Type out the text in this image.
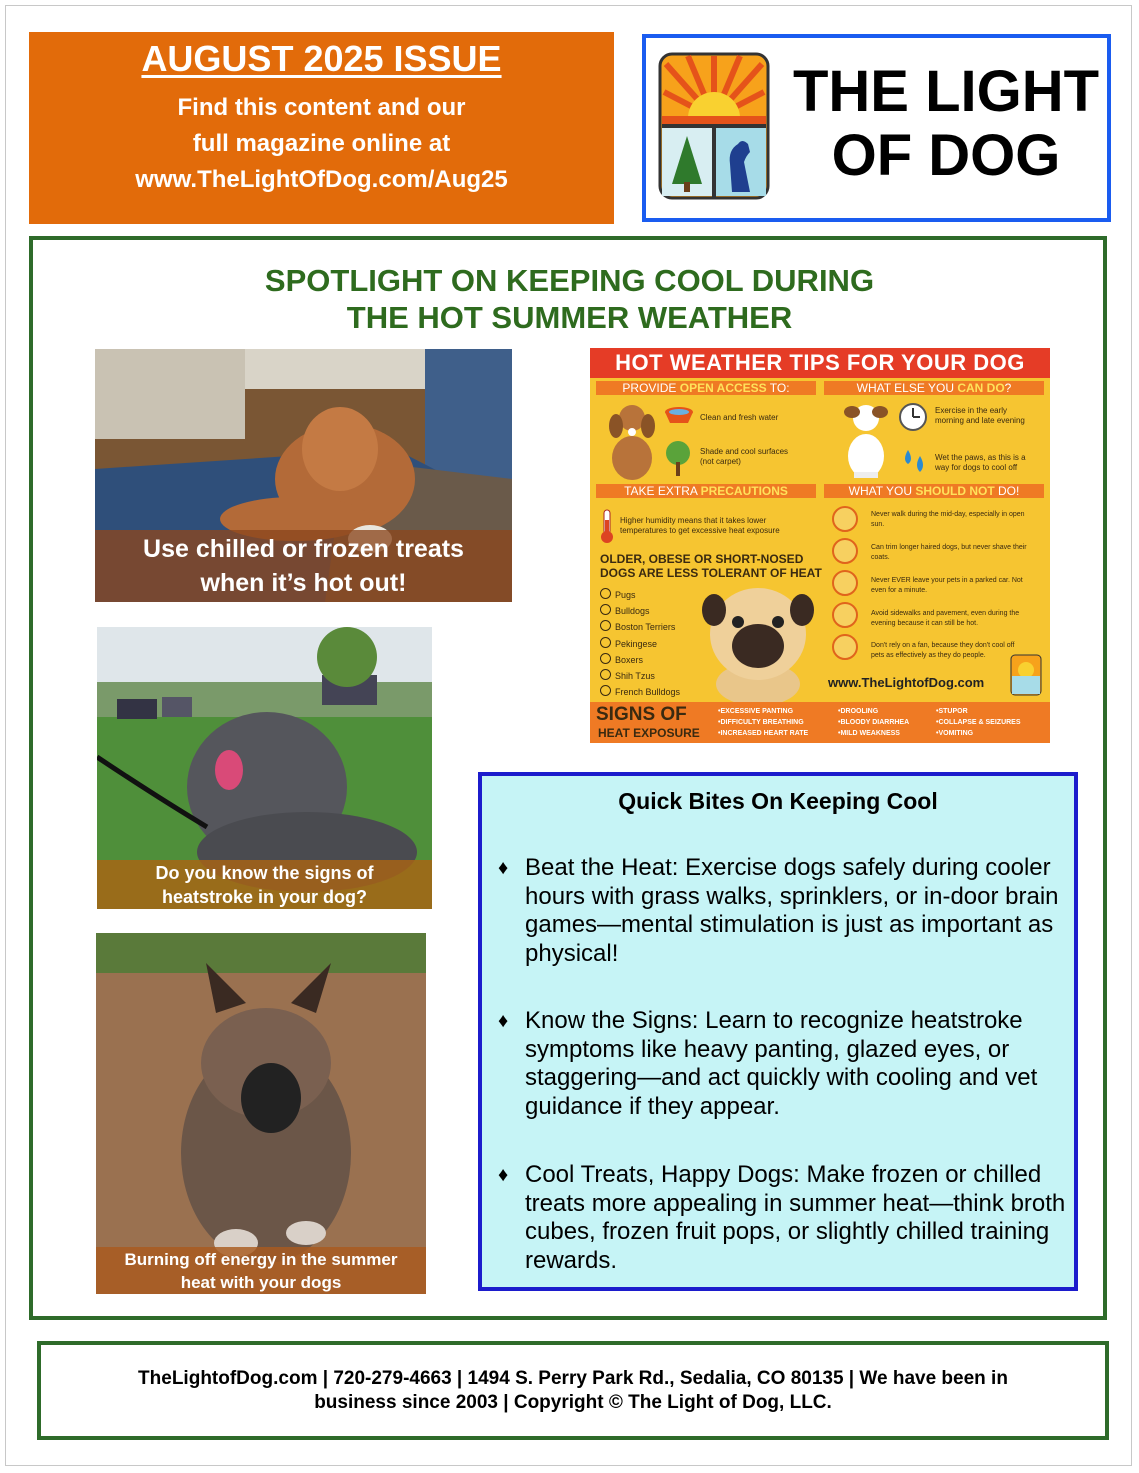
AUGUST 2025 ISSUE
Find this content and our
full magazine online at
www.TheLightOfDog.com/Aug25
THE LIGHT
OF DOG
SPOTLIGHT ON KEEPING COOL DURING
THE HOT SUMMER WEATHER
Use chilled or frozen treats
when it’s hot out!
Do you know the signs of
heatstroke in your dog?
Burning off energy in the summer
heat with your dogs
HOT WEATHER TIPS FOR YOUR DOG
PROVIDE OPEN ACCESS TO:	WHAT ELSE YOU CAN DO?
Clean and fresh water
Shade and cool surfaces
(not carpet)
Exercise in the early
morning and late evening
Wet the paws, as this is a
way for dogs to cool off
TAKE EXTRA PRECAUTIONS	WHAT YOU SHOULD NOT DO!
Higher humidity means that it takes lower
temperatures to get excessive heat exposure
OLDER, OBESE OR SHORT-NOSED
DOGS ARE LESS TOLERANT OF HEAT
Pugs
Bulldogs
Boston Terriers
Pekingese
Boxers
Shih Tzus
French Bulldogs
Never walk during the mid-day, especially in open
sun.
Can trim longer haired dogs, but never shave their
coats.
Never EVER leave your pets in a parked car. Not
even for a minute.
Avoid sidewalks and pavement, even during the
evening because it can still be hot.
Don't rely on a fan, because they don't cool off
pets as effectively as they do people.
www.TheLightofDog.com
SIGNS OF
HEAT EXPOSURE
•EXCESSIVE PANTING
•DIFFICULTY BREATHING
•INCREASED HEART RATE
•DROOLING
•BLOODY DIARRHEA
•MILD WEAKNESS
•STUPOR
•COLLAPSE & SEIZURES
•VOMITING
Quick Bites On Keeping Cool
♦ Beat the Heat: Exercise dogs safely during cooler hours with grass walks, sprinklers, or in-door brain games—mental stimulation is just as important as physical!
♦ Know the Signs: Learn to recognize heatstroke symptoms like heavy panting, glazed eyes, or staggering—and act quickly with cooling and vet guidance if they appear.
♦ Cool Treats, Happy Dogs: Make frozen or chilled treats more appealing in summer heat—think broth cubes, frozen fruit pops, or slightly chilled training rewards.
TheLightofDog.com | 720-279-4663 | 1494 S. Perry Park Rd., Sedalia, CO 80135 | We have been in
business since 2003 | Copyright © The Light of Dog, LLC.
